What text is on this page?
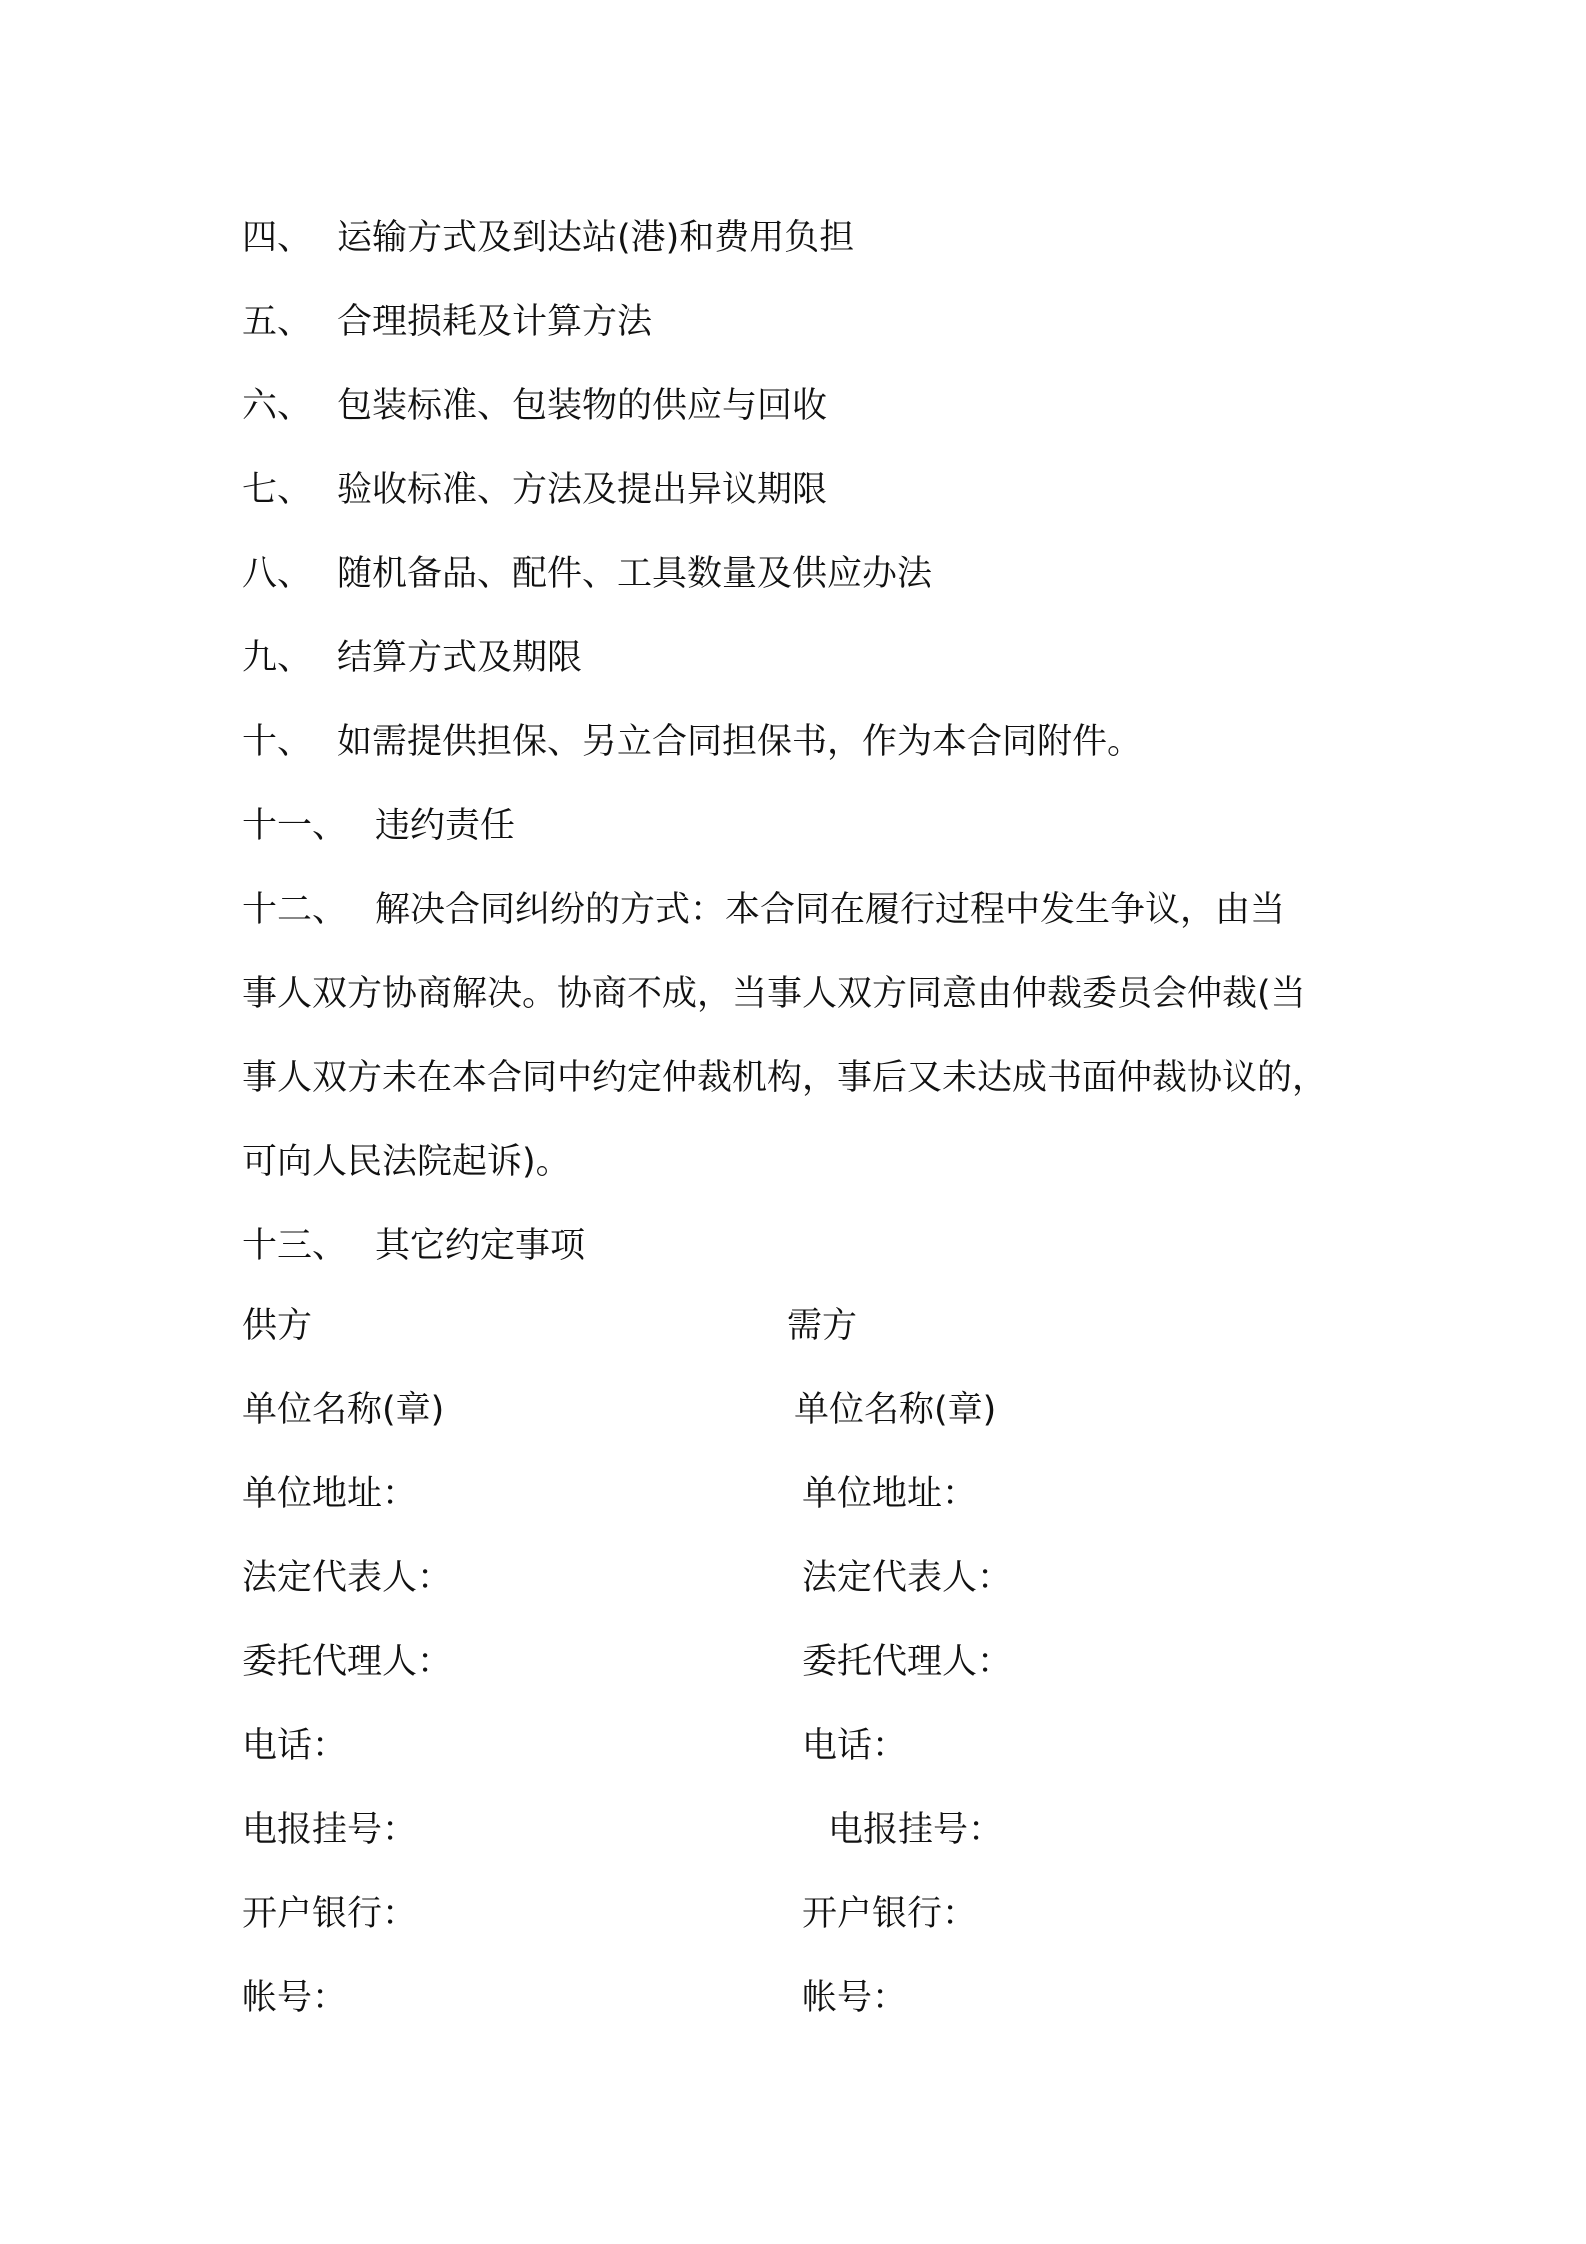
四、 运输方式及到达站(港)和费用负担
五、 合理损耗及计算方法
六、 包装标准、包装物的供应与回收
七、 验收标准、方法及提出异议期限
八、 随机备品、配件、工具数量及供应办法
九、 结算方式及期限
十、 如需提供担保、另立合同担保书，作为本合同附件。
十一、 违约责任
十二、 解决合同纠纷的方式：本合同在履行过程中发生争议，由当
事人双方协商解决。协商不成，当事人双方同意由仲裁委员会仲裁(当
事人双方未在本合同中约定仲裁机构，事后又未达成书面仲裁协议的，
可向人民法院起诉)。
十三、 其它约定事项
供方	需方
单位名称(章)	单位名称(章)
单位地址：	单位地址：
法定代表人：	法定代表人：
委托代理人：	委托代理人：
电话：	电话：
电报挂号：	电报挂号：
开户银行：	开户银行：
帐号：	帐号：
